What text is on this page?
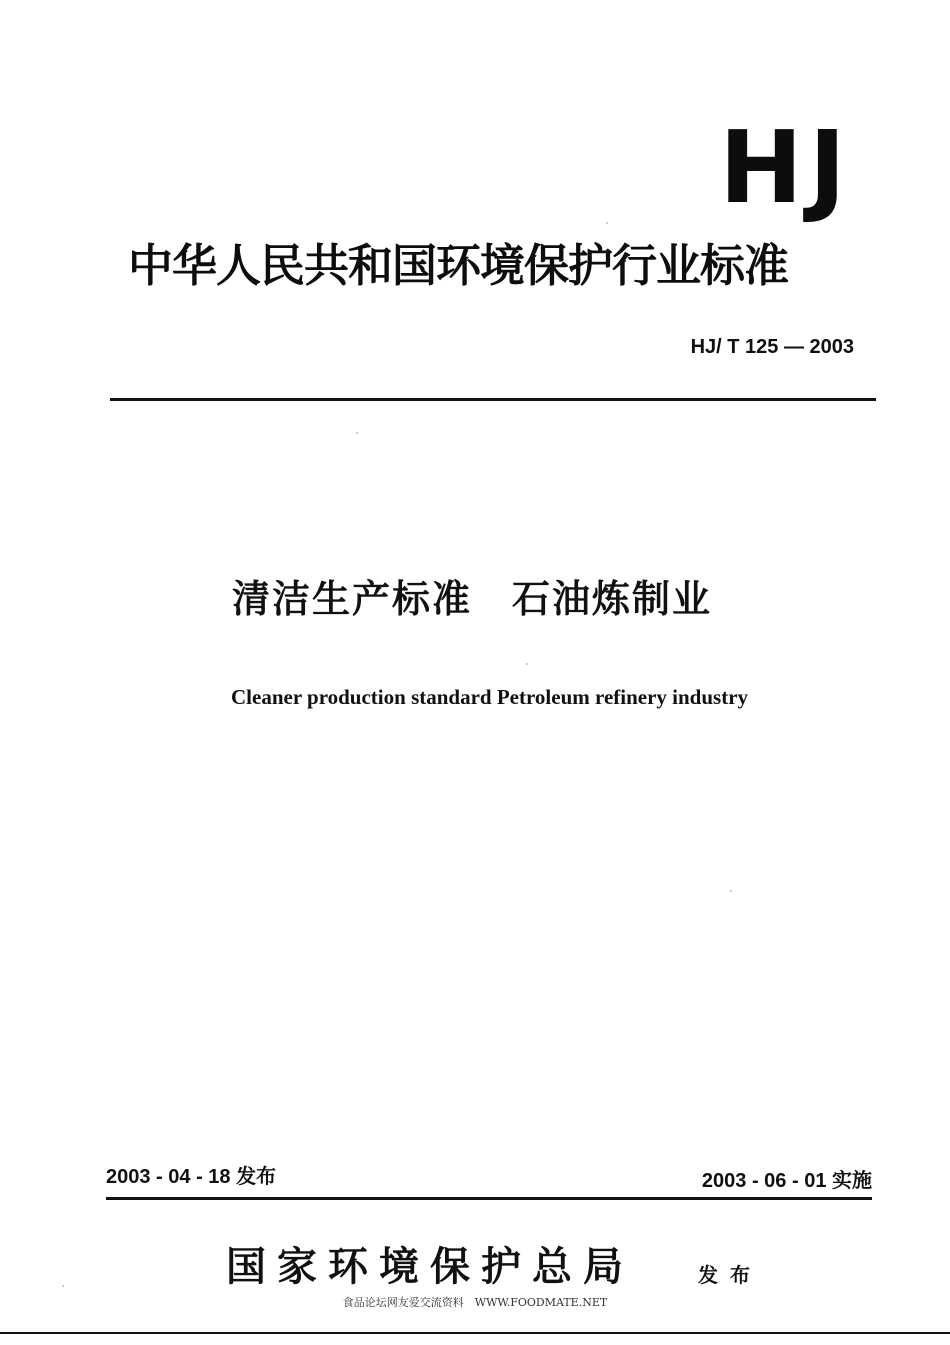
HJ
中华人民共和国环境保护行业标准
HJ/ T 125 — 2003
清洁生产标准　石油炼制业
Cleaner production standard Petroleum refinery industry
2003 - 04 - 18 发布	2003 - 06 - 01 实施
国家环境保护总局	发布
食品论坛网友爱交流资料　WWW.FOODMATE.NET
